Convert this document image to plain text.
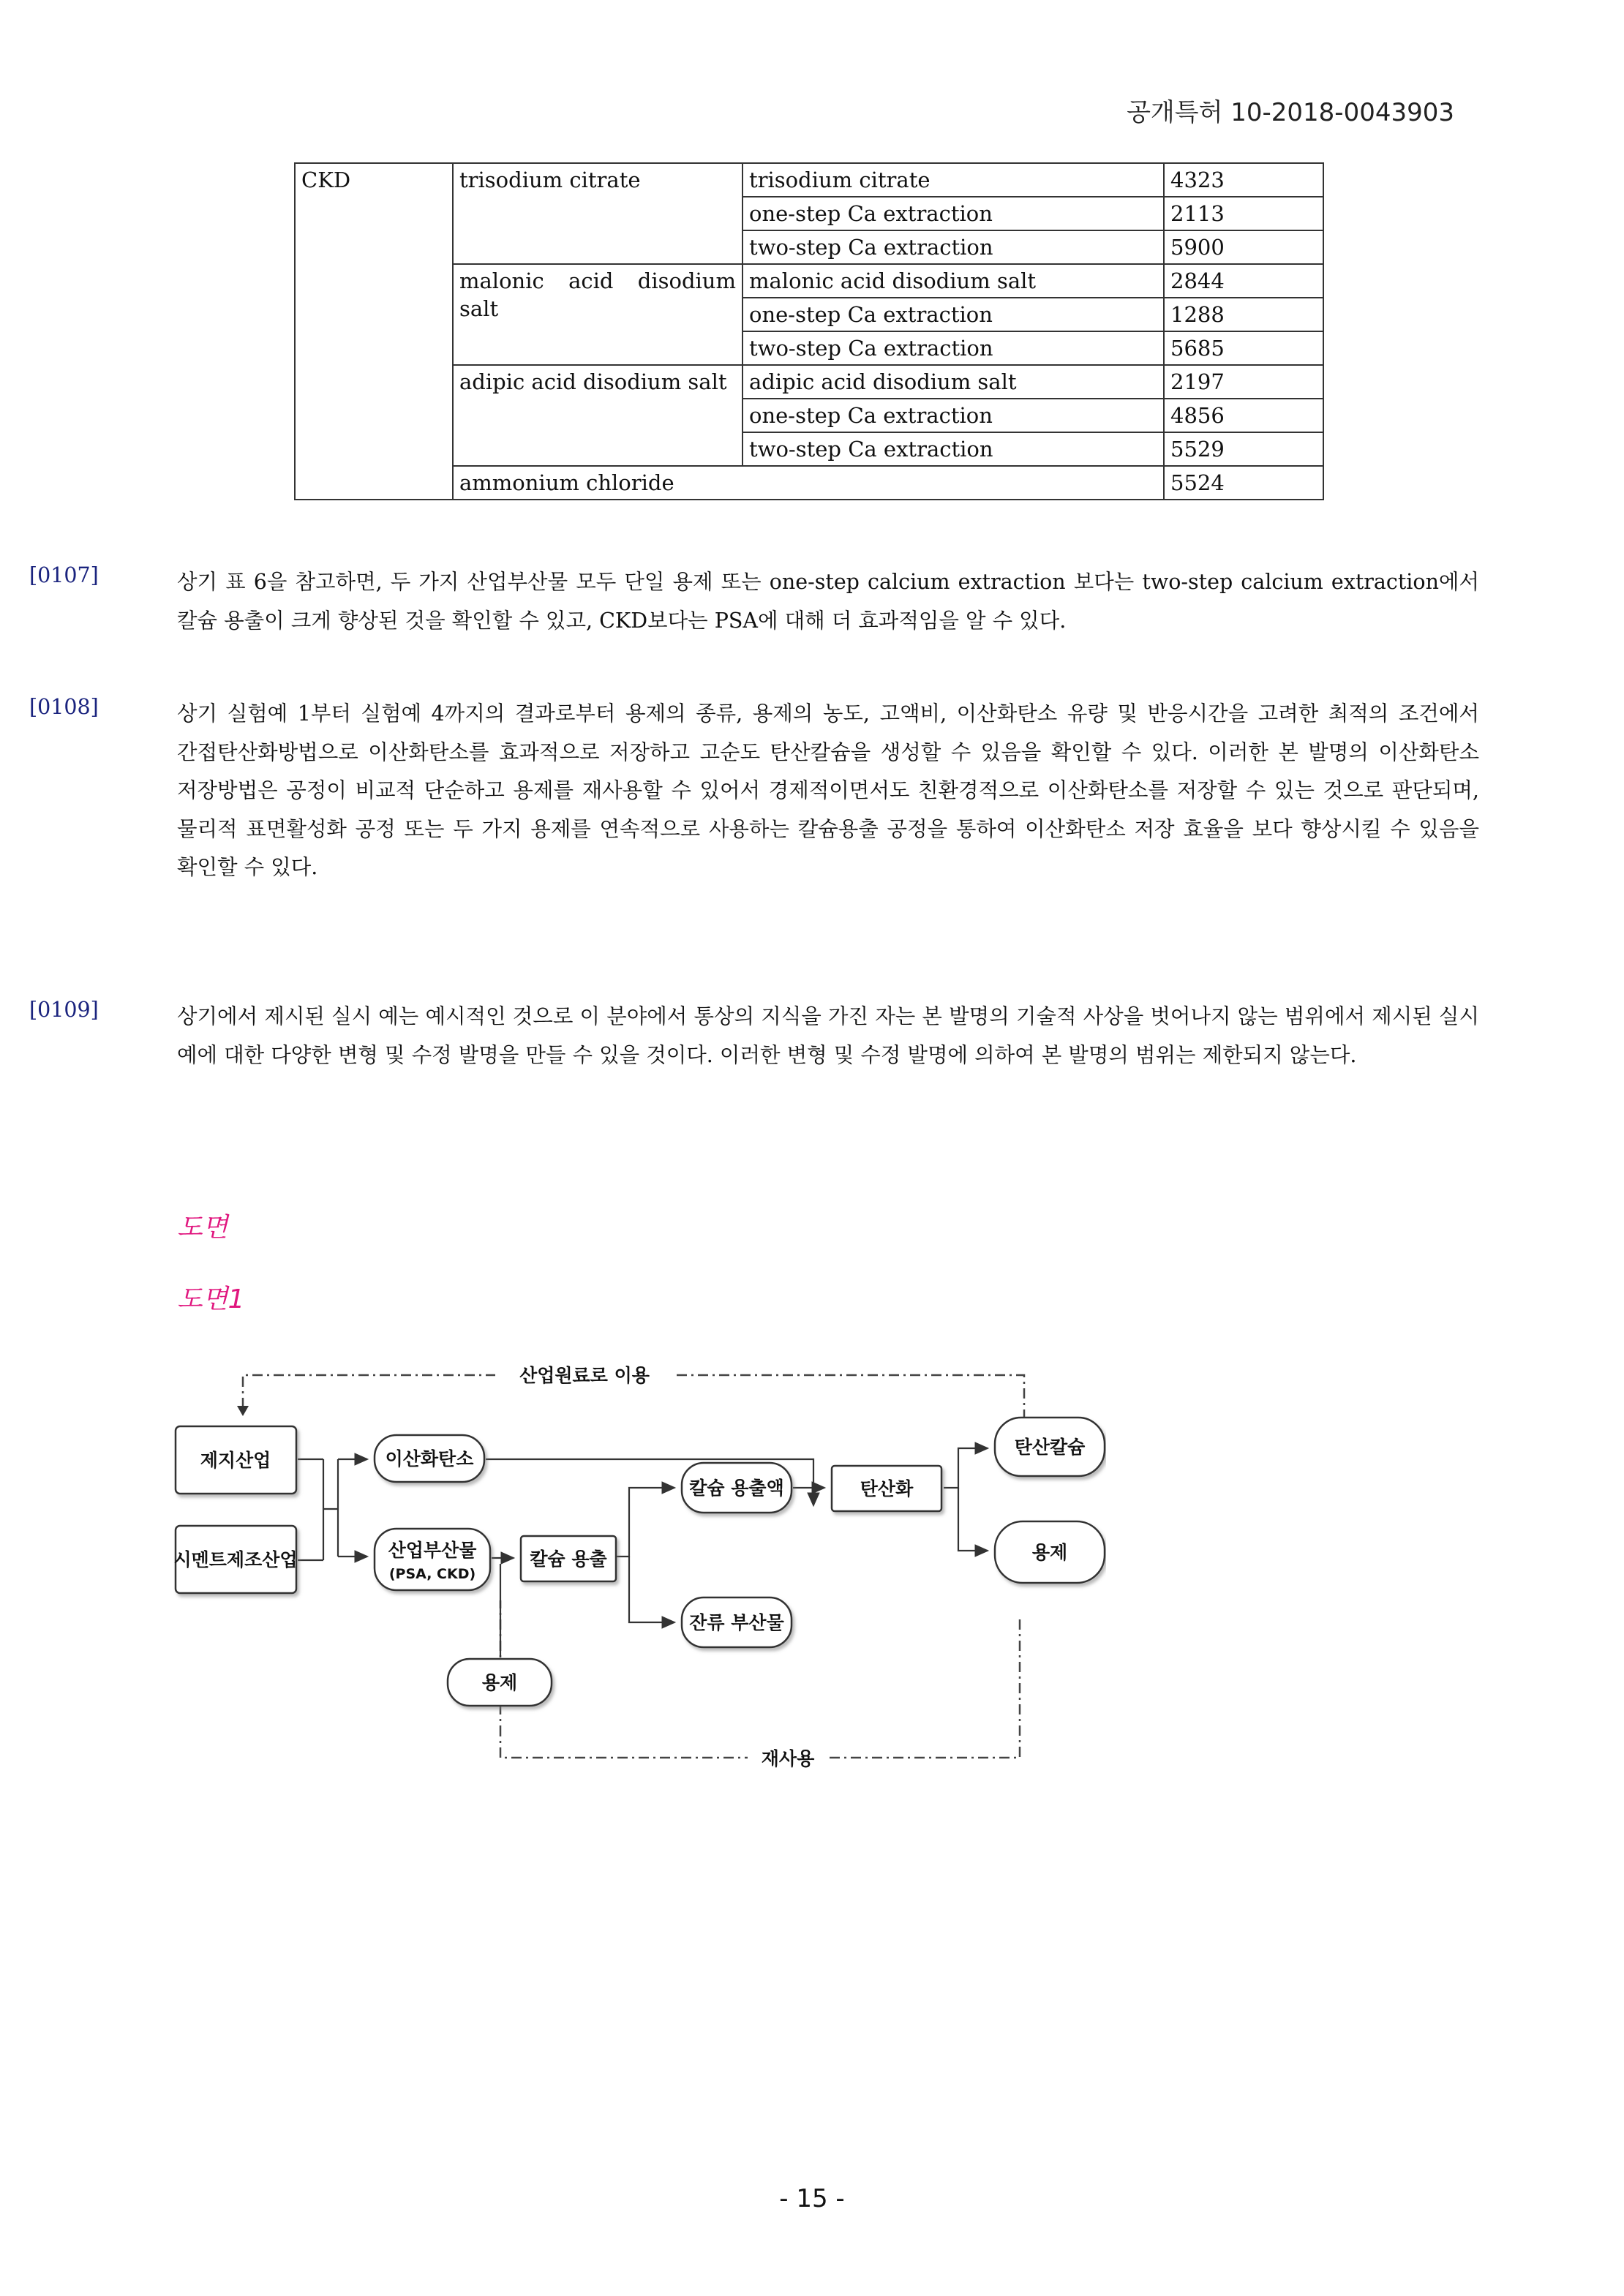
공개특허 10-2018-0043903
CKD	trisodium citrate	trisodium citrate	4323
		one-step Ca extraction	2113
		two-step Ca extraction	5900
	malonic acid disodium salt	malonic acid disodium salt	2844
		one-step Ca extraction	1288
		two-step Ca extraction	5685
	adipic acid disodium salt	adipic acid disodium salt	2197
		one-step Ca extraction	4856
		two-step Ca extraction	5529
	ammonium chloride		5524
[0107]	상기 표 6을 참고하면, 두 가지 산업부산물 모두 단일 용제 또는 one-step calcium extraction 보다는 two-step calcium extraction에서 칼슘 용출이 크게 향상된 것을 확인할 수 있고, CKD보다는 PSA에 대해 더 효과적임을 알 수 있다.
[0108]	상기 실험예 1부터 실험예 4까지의 결과로부터 용제의 종류, 용제의 농도, 고액비, 이산화탄소 유량 및 반응시간을 고려한 최적의 조건에서 간접탄산화방법으로 이산화탄소를 효과적으로 저장하고 고순도 탄산칼슘을 생성할 수 있음을 확인할 수 있다. 이러한 본 발명의 이산화탄소 저장방법은 공정이 비교적 단순하고 용제를 재사용할 수 있어서 경제적이면서도 친환경적으로 이산화탄소를 저장할 수 있는 것으로 판단되며, 물리적 표면활성화 공정 또는 두 가지 용제를 연속적으로 사용하는 칼슘용출 공정을 통하여 이산화탄소 저장 효율을 보다 향상시킬 수 있음을 확인할 수 있다.
[0109]	상기에서 제시된 실시 예는 예시적인 것으로 이 분야에서 통상의 지식을 가진 자는 본 발명의 기술적 사상을 벗어나지 않는 범위에서 제시된 실시 예에 대한 다양한 변형 및 수정 발명을 만들 수 있을 것이다. 이러한 변형 및 수정 발명에 의하여 본 발명의 범위는 제한되지 않는다.
도면
도면1
산업원료로 이용
재사용
제지산업
시멘트제조산업
이산화탄소
산업부산물
(PSA, CKD)
용제
칼슘 용출
칼슘 용출액
잔류 부산물
탄산화
탄산칼슘
용제
- 15 -
